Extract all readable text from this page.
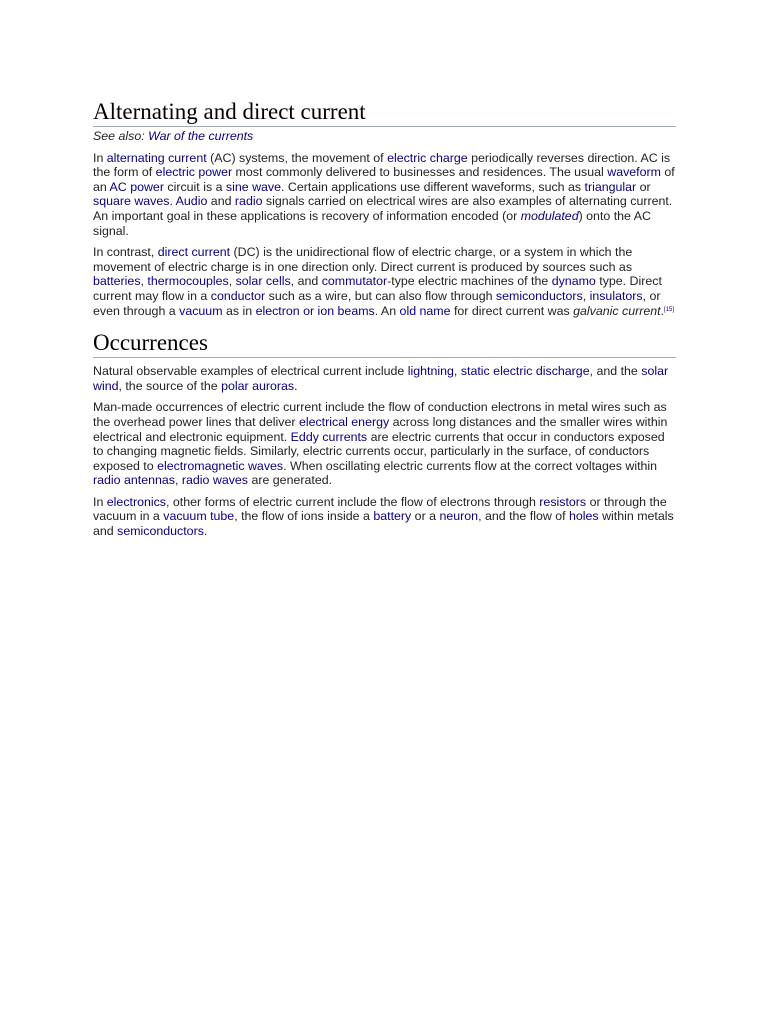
Alternating and direct current
See also: War of the currents

In alternating current (AC) systems, the movement of electric charge periodically reverses direction. AC is the form of electric power most commonly delivered to businesses and residences. The usual waveform of an AC power circuit is a sine wave. Certain applications use different waveforms, such as triangular or square waves. Audio and radio signals carried on electrical wires are also examples of alternating current. An important goal in these applications is recovery of information encoded (or modulated) onto the AC signal.

In contrast, direct current (DC) is the unidirectional flow of electric charge, or a system in which the movement of electric charge is in one direction only. Direct current is produced by sources such as batteries, thermocouples, solar cells, and commutator-type electric machines of the dynamo type. Direct current may flow in a conductor such as a wire, but can also flow through semiconductors, insulators, or even through a vacuum as in electron or ion beams. An old name for direct current was galvanic current.[15]

Occurrences

Natural observable examples of electrical current include lightning, static electric discharge, and the solar wind, the source of the polar auroras.

Man-made occurrences of electric current include the flow of conduction electrons in metal wires such as the overhead power lines that deliver electrical energy across long distances and the smaller wires within electrical and electronic equipment. Eddy currents are electric currents that occur in conductors exposed to changing magnetic fields. Similarly, electric currents occur, particularly in the surface, of conductors exposed to electromagnetic waves. When oscillating electric currents flow at the correct voltages within radio antennas, radio waves are generated.

In electronics, other forms of electric current include the flow of electrons through resistors or through the vacuum in a vacuum tube, the flow of ions inside a battery or a neuron, and the flow of holes within metals and semiconductors.
